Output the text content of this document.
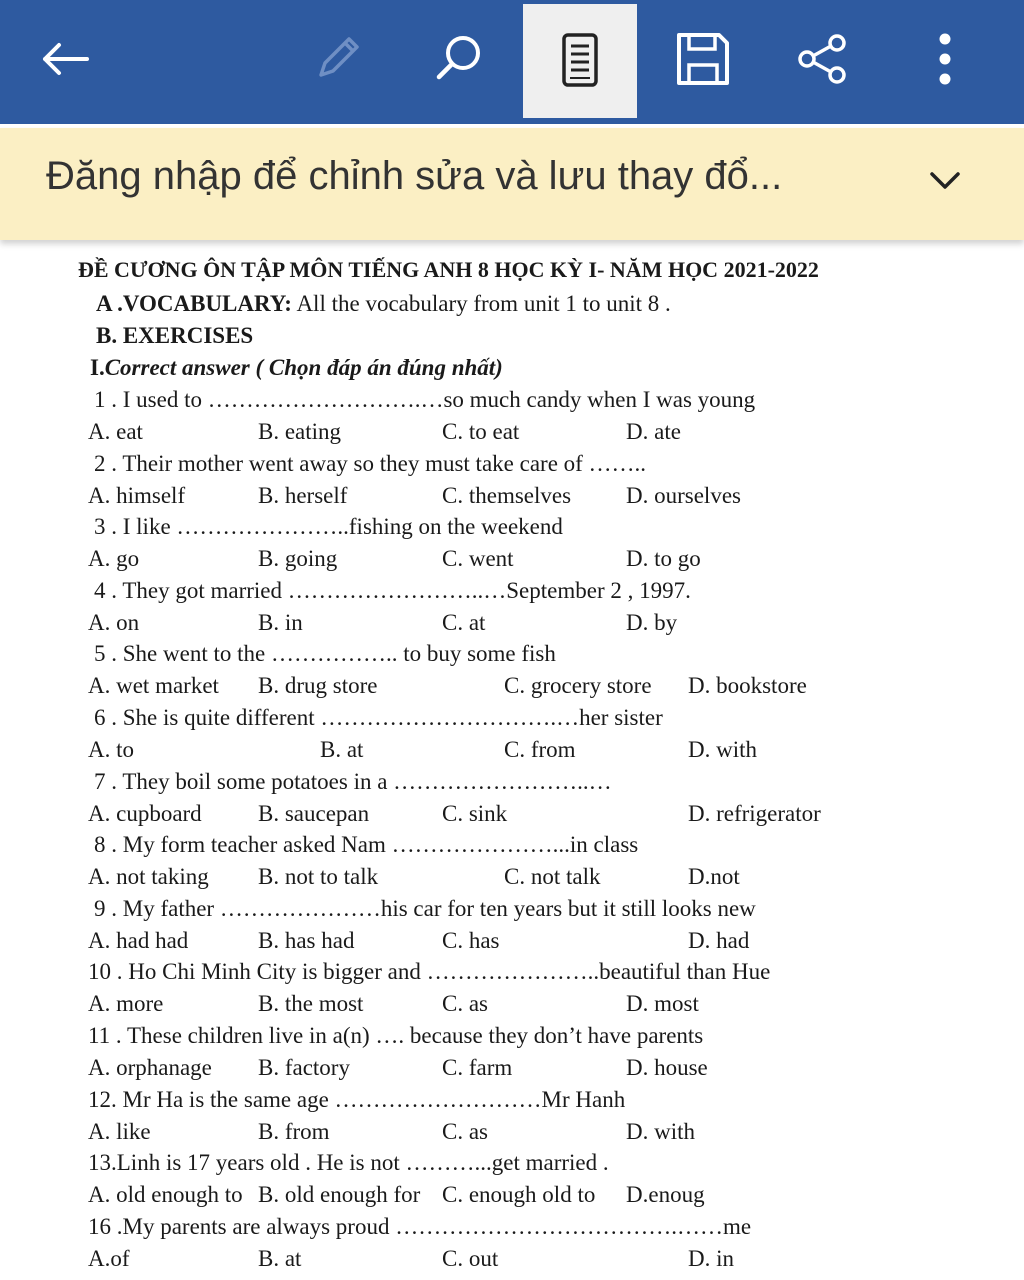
Đăng nhập để chỉnh sửa và lưu thay đổ...
ĐỀ CƯƠNG ÔN TẬP MÔN TIẾNG ANH 8 HỌC KỲ I- NĂM HỌC 2021-2022
A .VOCABULARY: All the vocabulary from unit 1 to unit 8 .
B. EXERCISES
I.Correct answer ( Chọn đáp án đúng nhất)
1 . I used to ……………………….…so much candy when I was young
A. eat	B. eating	C. to eat	D. ate
2 . Their mother went away so they must take care of ……..
A. himself	B. herself	C. themselves D. ourselves
3 . I like …………………..fishing on the weekend
A. go	B. going	C. went	D. to go
4 . They got married ……………………..…September 2 , 1997.
A. on	B. in	C. at	D. by
5 . She went to the …………….. to buy some fish
A. wet market B. drug store	C. grocery store D. bookstore
6 . She is quite different ………………………….…her sister
A. to	B. at	C. from	D. with
7 . They boil some potatoes in a ……………………..…
A. cupboard B. saucepan	C. sink	D. refrigerator
8 . My form teacher asked Nam …………………...in class
A. not taking B. not to talk	C. not talk	D.not
9 . My father …………………his car for ten years but it still looks new
A. had had	B. has had	C. has	D. had
10 . Ho Chi Minh City is bigger and …………………..beautiful than Hue
A. more	B. the most	C. as	D. most
11 . These children live in a(n) …. because they don’t have parents
A. orphanage B. factory	C. farm	D. house
12. Mr Ha is the same age ………………………Mr Hanh
A. like	B. from	C. as	D. with
13.Linh is 17 years old . He is not ………...get married .
A. old enough to B. old enough for C. enough old to D.enoug
16 .My parents are always proud ……………………………….……me
A.of	B. at	C. out	D. in
